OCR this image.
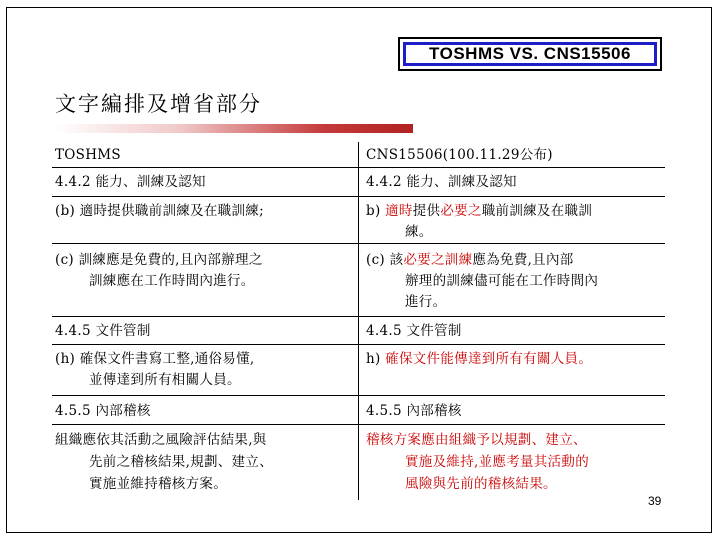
TOSHMS VS. CNS15506
文字編排及增省部分
TOSHMS
4.4.2 能力、訓練及認知
(b) 適時提供職前訓練及在職訓練;
(c) 訓練應是免費的,且內部辦理之
訓練應在工作時間內進行。
4.4.5 文件管制
(h) 確保文件書寫工整,通俗易懂,
並傳達到所有相關人員。
4.5.5 內部稽核
組織應依其活動之風險評估結果,與
先前之稽核結果,規劃、建立、
實施並維持稽核方案。
CNS15506(100.11.29公布)
4.4.2 能力、訓練及認知
b) 適時提供必要之職前訓練及在職訓
練。
(c) 該必要之訓練應為免費,且內部
辦理的訓練儘可能在工作時間內
進行。
4.4.5 文件管制
h) 確保文件能傳達到所有有關人員。
4.5.5 內部稽核
稽核方案應由組織予以規劃、建立、
實施及維持,並應考量其活動的
風險與先前的稽核結果。
39
